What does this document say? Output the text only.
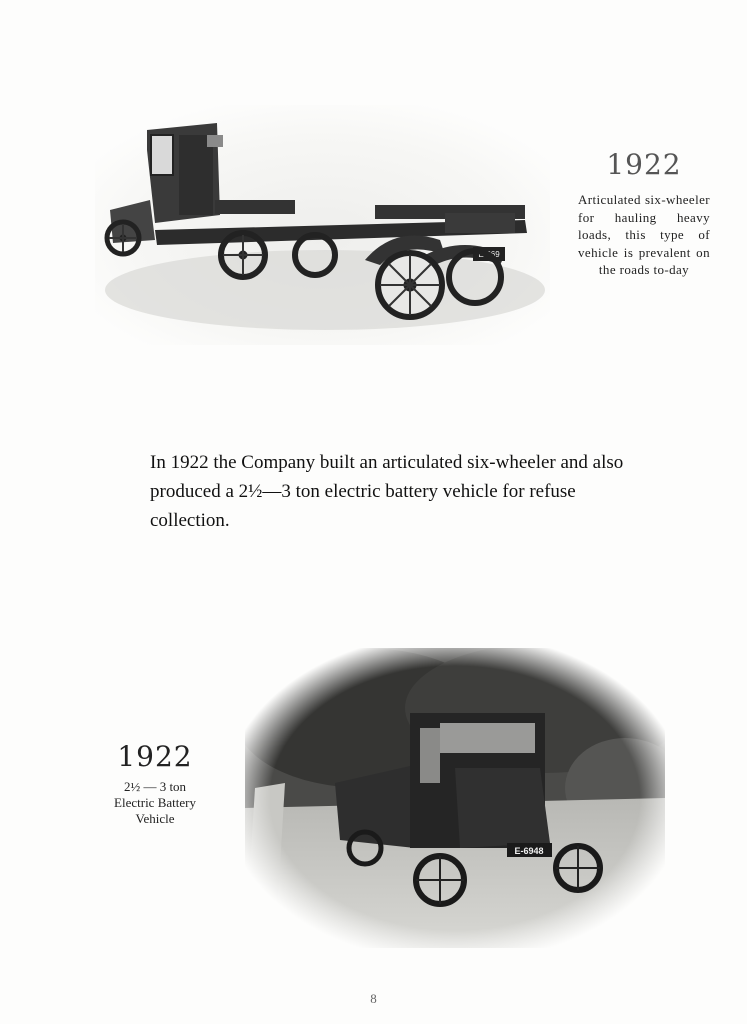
E-369
1922
Articulated six-wheeler for hauling heavy loads, this type of vehicle is prevalent on the roads to-day
In 1922 the Company built an articulated six-wheeler and also produced a 2½—3 ton electric battery vehicle for refuse collection.
1922
2½ — 3 ton
Electric Battery
Vehicle
8
